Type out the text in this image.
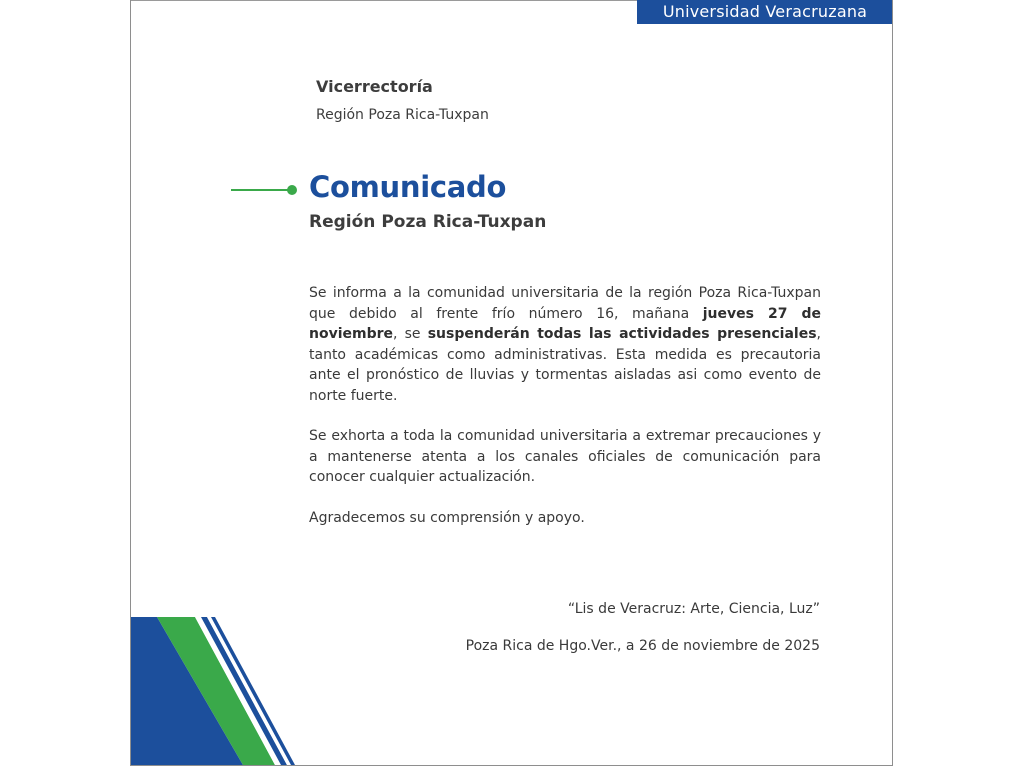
Universidad Veracruzana
Vicerrectoría
Región Poza Rica-Tuxpan
Comunicado
Región Poza Rica-Tuxpan
Se informa a la comunidad universitaria de la región Poza Rica-Tuxpan que debido al frente frío número 16, mañana jueves 27 de noviembre, se suspenderán todas las actividades presenciales, tanto académicas como administrativas. Esta medida es precautoria ante el pronóstico de lluvias y tormentas aisladas asi como evento de norte fuerte.
Se exhorta a toda la comunidad universitaria a extremar precauciones y a mantenerse atenta a los canales oficiales de comunicación para conocer cualquier actualización.
Agradecemos su comprensión y apoyo.
“Lis de Veracruz: Arte, Ciencia, Luz”
Poza Rica de Hgo.Ver., a 26 de noviembre de 2025
